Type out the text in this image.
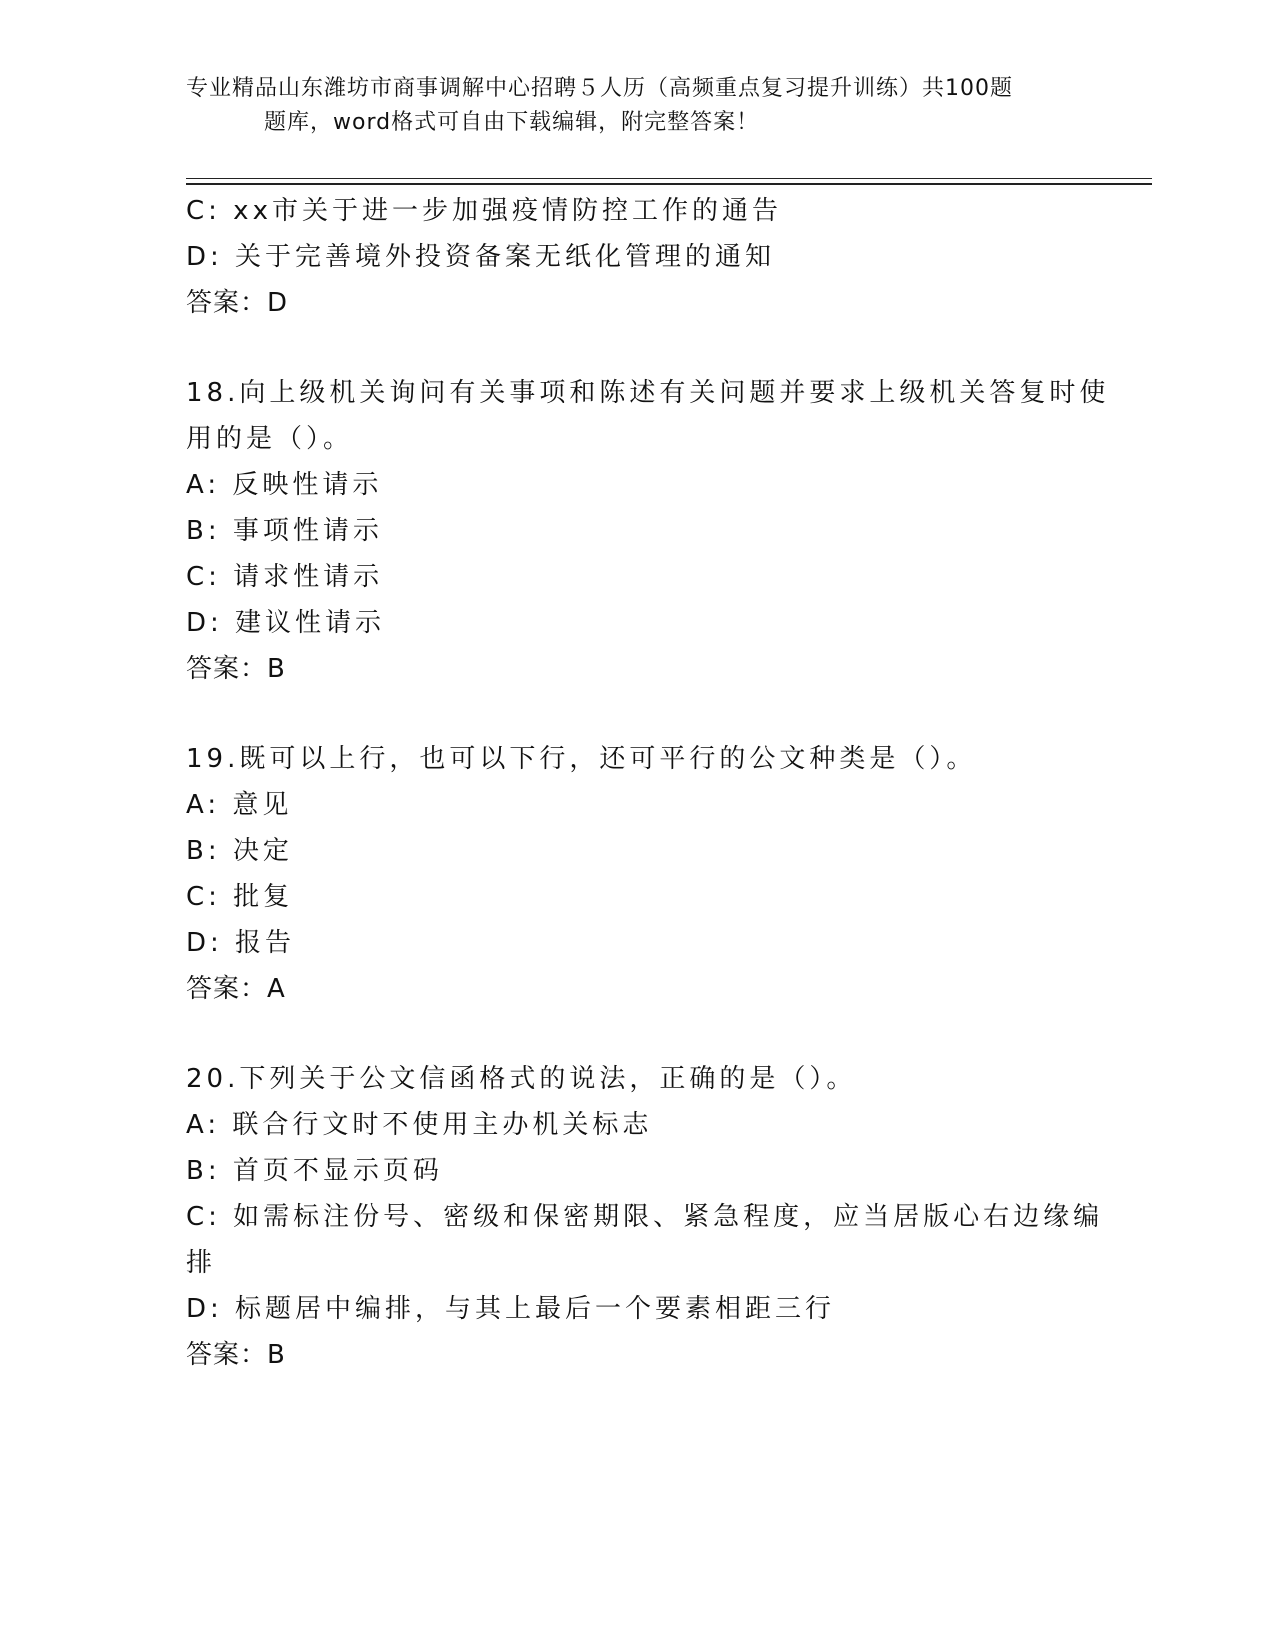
专业精品山东潍坊市商事调解中心招聘５人历（高频重点复习提升训练）共100题
题库，word格式可自由下载编辑，附完整答案！
C: xx市关于进一步加强疫情防控工作的通告
D: 关于完善境外投资备案无纸化管理的通知
答案：D
18.向上级机关询问有关事项和陈述有关问题并要求上级机关答复时使
用的是（）。
A: 反映性请示
B: 事项性请示
C: 请求性请示
D: 建议性请示
答案：B
19.既可以上行，也可以下行，还可平行的公文种类是（）。
A: 意见
B: 决定
C: 批复
D: 报告
答案：A
20.下列关于公文信函格式的说法，正确的是（）。
A: 联合行文时不使用主办机关标志
B: 首页不显示页码
C: 如需标注份号、密级和保密期限、紧急程度，应当居版心右边缘编
排
D: 标题居中编排，与其上最后一个要素相距三行
答案：B
